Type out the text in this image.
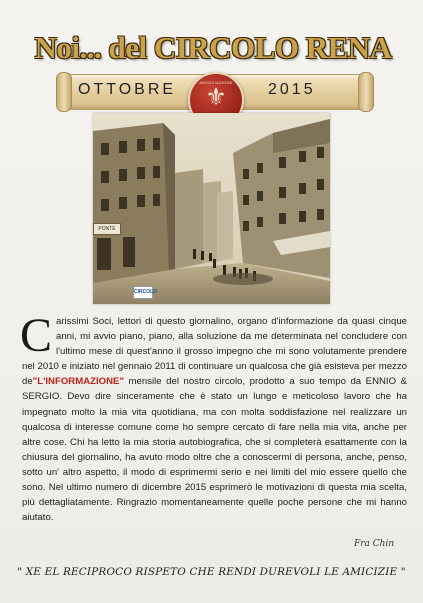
Noi... del CIRCOLO RENA
OTTOBRE	2015
ASSOCIAZIONE
⚜
PONTE
CIRCOLO
Carissimi Soci, lettori di questo giornalino, organo d'informazione da quasi cinque anni, mi avvio piano, piano, alla soluzione da me determinata nel concludere con l'ultimo mese di quest'anno il grosso impegno che mi sono volutamente prendere nel 2010 e iniziato nel gennaio 2011 di continuare un qualcosa che già esisteva per mezzo de"L'INFORMAZIONE" mensile del nostro circolo, prodotto a suo tempo da ENNIO & SERGIO. Devo dire sinceramente che è stato un lungo e meticoloso lavoro che ha impegnato molto la mia vita quotidiana, ma con molta soddisfazione nel realizzare un qualcosa di interesse comune come ho sempre cercato di fare nella mia vita, anche per altre cose. Chi ha letto la mia storia autobiografica, che si completerà esattamente con la chiusura del giornalino, ha avuto modo oltre che a conoscermi di persona, anche, penso, sotto un' altro aspetto, il modo di esprimermi serio e nei limiti del mio essere quello che sono. Nel ultimo numero di dicembre 2015 esprimerò le motivazioni di questa mia scelta, più dettagliatamente. Ringrazio momentaneamente quelle poche persone che mi hanno aiutato.
Fra Chin
" XE EL RECIPROCO RISPETO CHE RENDI DUREVOLI LE AMICIZIE "
